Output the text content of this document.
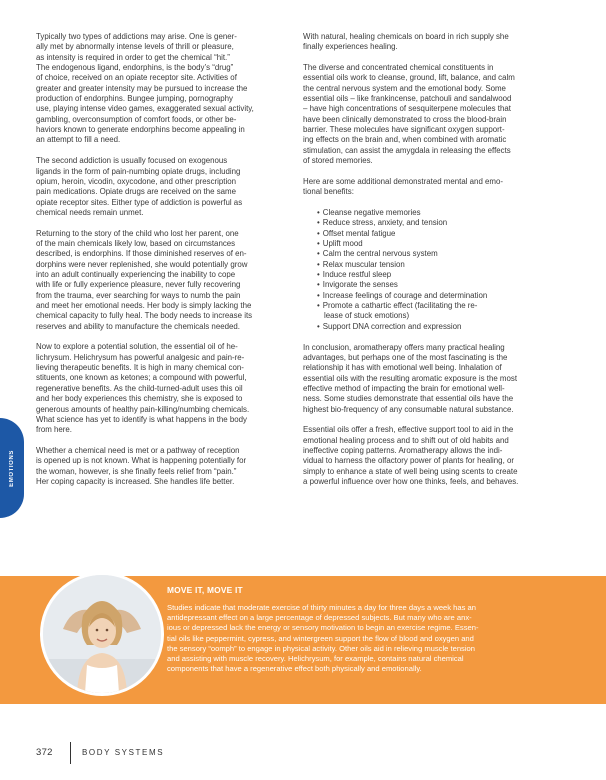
Typically two types of addictions may arise. One is gener-
ally met by abnormally intense levels of thrill or pleasure,
as intensity is required in order to get the chemical “hit.”
The endogenous ligand, endorphins, is the body’s “drug”
of choice, received on an opiate receptor site. Activities of
greater and greater intensity may be pursued to increase the
production of endorphins. Bungee jumping, pornography
use, playing intense video games, exaggerated sexual activity,
gambling, overconsumption of comfort foods, or other be-
haviors known to generate endorphins become appealing in
an attempt to fill a need.

The second addiction is usually focused on exogenous
ligands in the form of pain-numbing opiate drugs, including
opium, heroin, vicodin, oxycodone, and other prescription
pain medications. Opiate drugs are received on the same
opiate receptor sites. Either type of addiction is powerful as
chemical needs remain unmet.

Returning to the story of the child who lost her parent, one
of the main chemicals likely low, based on circumstances
described, is endorphins. If those diminished reserves of en-
dorphins were never replenished, she would potentially grow
into an adult continually experiencing the inability to cope
with life or fully experience pleasure, never fully recovering
from the trauma, ever searching for ways to numb the pain
and meet her emotional needs. Her body is simply lacking the
chemical capacity to fully heal. The body needs to increase its
reserves and ability to manufacture the chemicals needed.

Now to explore a potential solution, the essential oil of he-
lichrysum. Helichrysum has powerful analgesic and pain-re-
lieving therapeutic benefits. It is high in many chemical con-
stituents, one known as ketones; a compound with powerful,
regenerative benefits. As the child-turned-adult uses this oil
and her body experiences this chemistry, she is exposed to
generous amounts of healthy pain-killing/numbing chemicals.
What science has yet to identify is what happens in the body
from here.

Whether a chemical need is met or a pathway of reception
is opened up is not known. What is happening potentially for
the woman, however, is she finally feels relief from “pain.”
Her coping capacity is increased. She handles life better.

With natural, healing chemicals on board in rich supply she
finally experiences healing.

The diverse and concentrated chemical constituents in
essential oils work to cleanse, ground, lift, balance, and calm
the central nervous system and the emotional body. Some
essential oils – like frankincense, patchouli and sandalwood
– have high concentrations of sesquiterpene molecules that
have been clinically demonstrated to cross the blood-brain
barrier. These molecules have significant oxygen support-
ing effects on the brain and, when combined with aromatic
stimulation, can assist the amygdala in releasing the effects
of stored memories.

Here are some additional demonstrated mental and emo-
tional benefits:

• Cleanse negative memories
• Reduce stress, anxiety, and tension
• Offset mental fatigue
• Uplift mood
• Calm the central nervous system
• Relax muscular tension
• Induce restful sleep
• Invigorate the senses
• Increase feelings of courage and determination
• Promote a cathartic effect (facilitating the re-
lease of stuck emotions)
• Support DNA correction and expression

In conclusion, aromatherapy offers many practical healing
advantages, but perhaps one of the most fascinating is the
relationship it has with emotional well being. Inhalation of
essential oils with the resulting aromatic exposure is the most
effective method of impacting the brain for emotional well-
ness. Some studies demonstrate that essential oils have the
highest bio-frequency of any consumable natural substance.

Essential oils offer a fresh, effective support tool to aid in the
emotional healing process and to shift out of old habits and
ineffective coping patterns. Aromatherapy allows the indi-
vidual to harness the olfactory power of plants for healing, or
simply to enhance a state of well being using scents to create
a powerful influence over how one thinks, feels, and behaves.

EMOTIONS
MOVE IT, MOVE IT

Studies indicate that moderate exercise of thirty minutes a day for three days a week has an
antidepressant effect on a large percentage of depressed subjects. But many who are anx-
ious or depressed lack the energy or sensory motivation to begin an exercise regime. Essen-
tial oils like peppermint, cypress, and wintergreen support the flow of blood and oxygen and
the sensory “oomph” to engage in physical activity. Other oils aid in relieving muscle tension
and assisting with muscle recovery. Helichrysum, for example, contains natural chemical
components that have a regenerative effect both physically and emotionally.

372	BODY SYSTEMS
